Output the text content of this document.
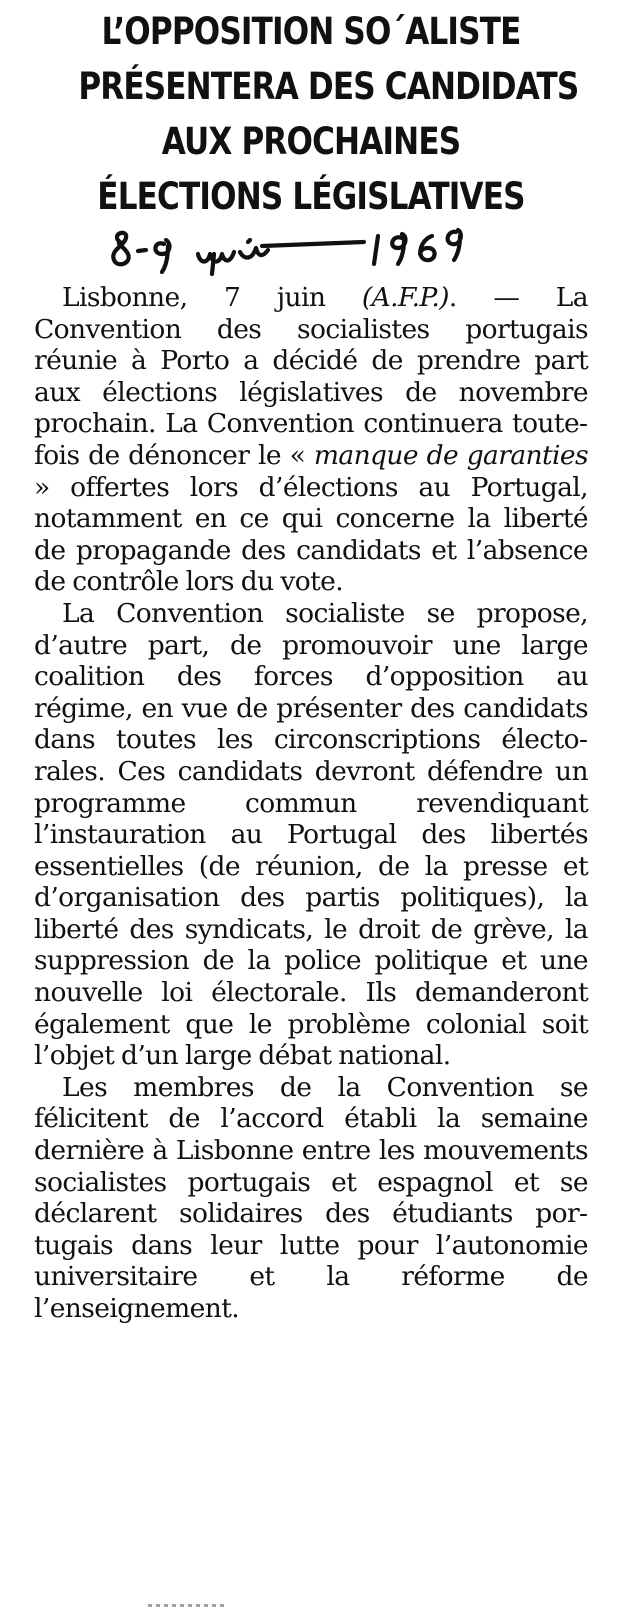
L’OPPOSITION SO´ALISTE
PRÉSENTERA DES CANDIDATS
AUX PROCHAINES
ÉLECTIONS LÉGISLATIVES

Lisbonne, 7 juin (A.F.P.). — La Convention des socialistes portugais réunie à Porto a décidé de prendre part aux élections législatives de novembre prochain. La Convention continuera toutefois de dénoncer le « manque de garanties » offertes lors d’élections au Portugal, notamment en ce qui concerne la liberté de propagande des candidats et l’absence de contrôle lors du vote.

La Convention socialiste se propose, d’autre part, de promouvoir une large coalition des forces d’opposition au régime, en vue de présenter des candidats dans toutes les circonscriptions électorales. Ces candidats devront défendre un programme commun revendiquant l’instauration au Portugal des libertés essentielles (de réunion, de la presse et d’organisation des partis politiques), la liberté des syndicats, le droit de grève, la suppression de la police politique et une nouvelle loi électorale. Ils demanderont également que le problème colonial soit l’objet d’un large débat national.

Les membres de la Convention se félicitent de l’accord établi la semaine dernière à Lisbonne entre les mouvements socialistes portugais et espagnol et se déclarent solidaires des étudiants portugais dans leur lutte pour l’autonomie universitaire et la réforme de l’enseignement.
